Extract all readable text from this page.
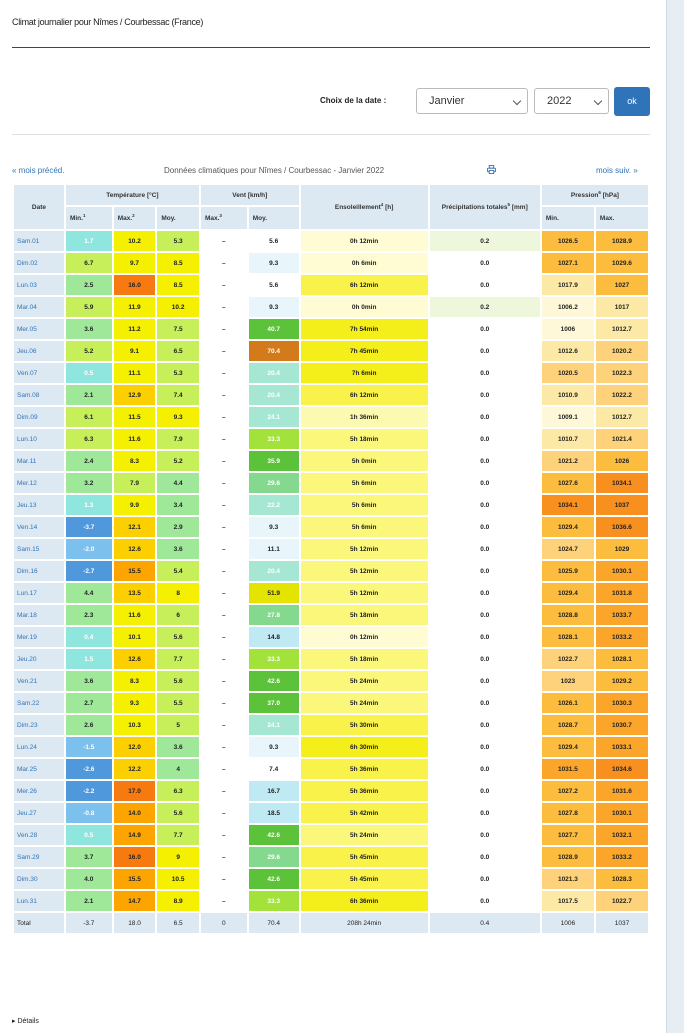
Climat journalier pour Nîmes / Courbessac (France)
Choix de la date :	Janvier	2022	ok
« mois précéd.	Données climatiques pour Nîmes / Courbessac - Janvier 2022	mois suiv. »
Date	Température [°C]			Vent [km/h]		Ensoleillement$^4$ [h]	Précipitations totales$^5$ [mm]	Pression$^6$ [hPa]	
	Min.$^1$	Max.$^2$	Moy.	Max.$^3$	Moy.			Min.	Max.
Sam.01	1.7	10.2	5.3	–	5.6	0h 12min	0.2	1026.5	1028.9
Dim.02	6.7	9.7	8.5	–	9.3	0h 6min	0.0	1027.1	1029.6
Lun.03	2.5	16.0	8.5	–	5.6	6h 12min	0.0	1017.9	1027
Mar.04	5.9	11.9	10.2	–	9.3	0h 0min	0.2	1006.2	1017
Mer.05	3.6	11.2	7.5	–	40.7	7h 54min	0.0	1006	1012.7
Jeu.06	5.2	9.1	6.5	–	70.4	7h 45min	0.0	1012.6	1020.2
Ven.07	0.5	11.1	5.3	–	20.4	7h 6min	0.0	1020.5	1022.3
Sam.08	2.1	12.9	7.4	–	20.4	6h 12min	0.0	1010.9	1022.2
Dim.09	6.1	11.5	9.3	–	24.1	1h 36min	0.0	1009.1	1012.7
Lun.10	6.3	11.6	7.9	–	33.3	5h 18min	0.0	1010.7	1021.4
Mar.11	2.4	8.3	5.2	–	35.9	5h 0min	0.0	1021.2	1026
Mer.12	3.2	7.9	4.4	–	29.6	5h 6min	0.0	1027.6	1034.1
Jeu.13	1.3	9.9	3.4	–	22.2	5h 6min	0.0	1034.1	1037
Ven.14	-3.7	12.1	2.9	–	9.3	5h 6min	0.0	1029.4	1036.6
Sam.15	-2.0	12.6	3.6	–	11.1	5h 12min	0.0	1024.7	1029
Dim.16	-2.7	15.5	5.4	–	20.4	5h 12min	0.0	1025.9	1030.1
Lun.17	4.4	13.5	8	–	51.9	5h 12min	0.0	1029.4	1031.8
Mar.18	2.3	11.6	6	–	27.8	5h 18min	0.0	1028.8	1033.7
Mer.19	0.4	10.1	5.6	–	14.8	0h 12min	0.0	1028.1	1033.2
Jeu.20	1.5	12.6	7.7	–	33.3	5h 18min	0.0	1022.7	1028.1
Ven.21	3.6	8.3	5.6	–	42.6	5h 24min	0.0	1023	1029.2
Sam.22	2.7	9.3	5.5	–	37.0	5h 24min	0.0	1026.1	1030.3
Dim.23	2.6	10.3	5	–	24.1	5h 30min	0.0	1028.7	1030.7
Lun.24	-1.5	12.0	3.6	–	9.3	6h 30min	0.0	1029.4	1033.1
Mar.25	-2.6	12.2	4	–	7.4	5h 36min	0.0	1031.5	1034.6
Mer.26	-2.2	17.0	6.3	–	16.7	5h 36min	0.0	1027.2	1031.6
Jeu.27	-0.8	14.0	5.6	–	18.5	5h 42min	0.0	1027.8	1030.1
Ven.28	0.5	14.9	7.7	–	42.6	5h 24min	0.0	1027.7	1032.1
Sam.29	3.7	16.0	9	–	29.6	5h 45min	0.0	1028.9	1033.2
Dim.30	4.0	15.5	10.5	–	42.6	5h 45min	0.0	1021.3	1028.3
Lun.31	2.1	14.7	8.9	–	33.3	6h 36min	0.0	1017.5	1022.7
Total	-3.7	18.0	6.5	0	70.4	208h 24min	0.4	1006	1037
▸ Détails
